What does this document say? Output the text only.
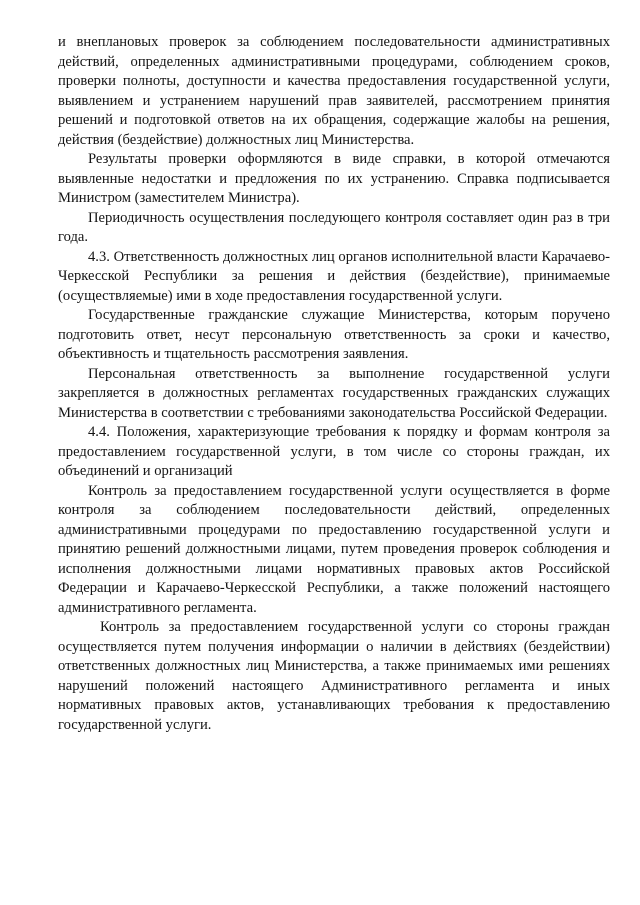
и внеплановых проверок за соблюдением последовательности административных действий, определенных административными процедурами, соблюдением сроков, проверки полноты, доступности и качества предоставления государственной услуги, выявлением и устранением нарушений прав заявителей, рассмотрением принятия решений и подготовкой ответов на их обращения, содержащие жалобы на решения, действия (бездействие) должностных лиц Министерства.

Результаты проверки оформляются в виде справки, в которой отмечаются выявленные недостатки и предложения по их устранению. Справка подписывается Министром (заместителем Министра).

Периодичность осуществления последующего контроля составляет один раз в три года.

4.3. Ответственность должностных лиц органов исполнительной власти Карачаево-Черкесской Республики за решения и действия (бездействие), принимаемые (осуществляемые) ими в ходе предоставления государственной услуги.

Государственные гражданские служащие Министерства, которым поручено подготовить ответ, несут персональную ответственность за сроки и качество, объективность и тщательность рассмотрения заявления.

Персональная ответственность за выполнение государственной услуги закрепляется в должностных регламентах государственных гражданских служащих Министерства в соответствии с требованиями законодательства Российской Федерации.

4.4. Положения, характеризующие требования к порядку и формам контроля за предоставлением государственной услуги, в том числе со стороны граждан, их объединений и организаций

Контроль за предоставлением государственной услуги осуществляется в форме контроля за соблюдением последовательности действий, определенных административными процедурами по предоставлению государственной услуги и принятию решений должностными лицами, путем проведения проверок соблюдения и исполнения должностными лицами нормативных правовых актов Российской Федерации и Карачаево-Черкесской Республики, а также положений настоящего административного регламента.

Контроль за предоставлением государственной услуги со стороны граждан осуществляется путем получения информации о наличии в действиях (бездействии) ответственных должностных лиц Министерства, а также принимаемых ими решениях нарушений положений настоящего Административного регламента и иных нормативных правовых актов, устанавливающих требования к предоставлению государственной услуги.
